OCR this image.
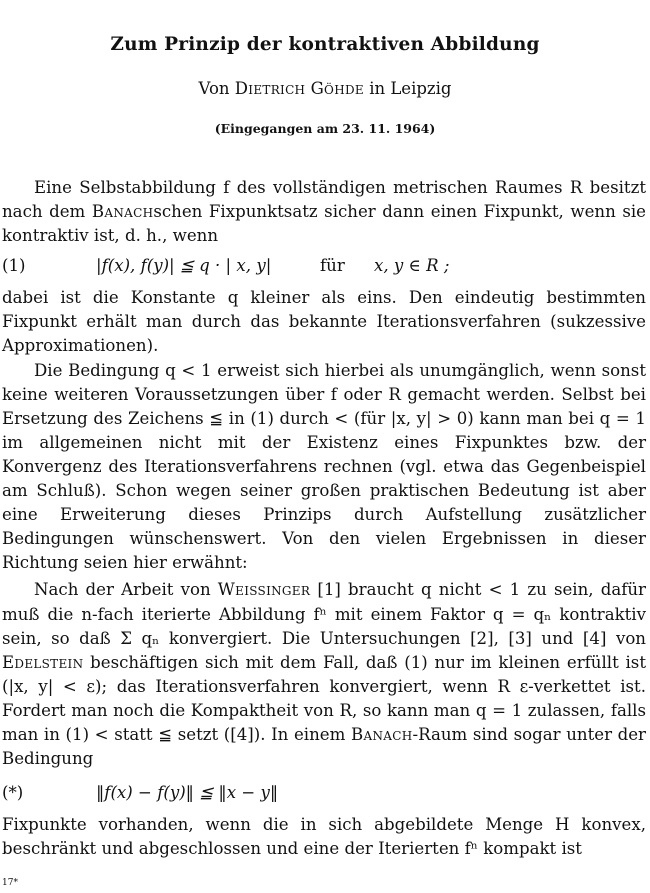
Zum Prinzip der kontraktiven Abbildung
Von Dietrich Göhde in Leipzig
(Eingegangen am 23. 11. 1964)

Eine Selbstabbildung f des vollständigen metrischen Raumes R besitzt nach dem Banachschen Fixpunktsatz sicher dann einen Fixpunkt, wenn sie kontraktiv ist, d. h., wenn

(1)	|f(x), f(y)| ≦ q · | x, y|	für x, y ∈ R ;

dabei ist die Konstante q kleiner als eins. Den eindeutig bestimmten Fixpunkt erhält man durch das bekannte Iterationsverfahren (sukzessive Approximationen).

Die Bedingung q < 1 erweist sich hierbei als unumgänglich, wenn sonst keine weiteren Voraussetzungen über f oder R gemacht werden. Selbst bei Ersetzung des Zeichens ≦ in (1) durch < (für |x, y| > 0) kann man bei q = 1 im allgemeinen nicht mit der Existenz eines Fixpunktes bzw. der Konvergenz des Iterationsverfahrens rechnen (vgl. etwa das Gegenbeispiel am Schluß). Schon wegen seiner großen praktischen Bedeutung ist aber eine Erweiterung dieses Prinzips durch Aufstellung zusätzlicher Bedingungen wünschenswert. Von den vielen Ergebnissen in dieser Richtung seien hier erwähnt:

Nach der Arbeit von Weissinger [1] braucht q nicht < 1 zu sein, dafür muß die n-fach iterierte Abbildung fⁿ mit einem Faktor q = qₙ kontraktiv sein, so daß Σ qₙ konvergiert. Die Untersuchungen [2], [3] und [4] von Edelstein beschäftigen sich mit dem Fall, daß (1) nur im kleinen erfüllt ist (|x, y| < ε); das Iterationsverfahren konvergiert, wenn R ε-verkettet ist. Fordert man noch die Kompaktheit von R, so kann man q = 1 zulassen, falls man in (1) < statt ≦ setzt ([4]). In einem Banach-Raum sind sogar unter der Bedingung

(*)	‖f(x) − f(y)‖ ≦ ‖x − y‖

Fixpunkte vorhanden, wenn die in sich abgebildete Menge H konvex, beschränkt und abgeschlossen und eine der Iterierten fⁿ kompakt ist

17*
